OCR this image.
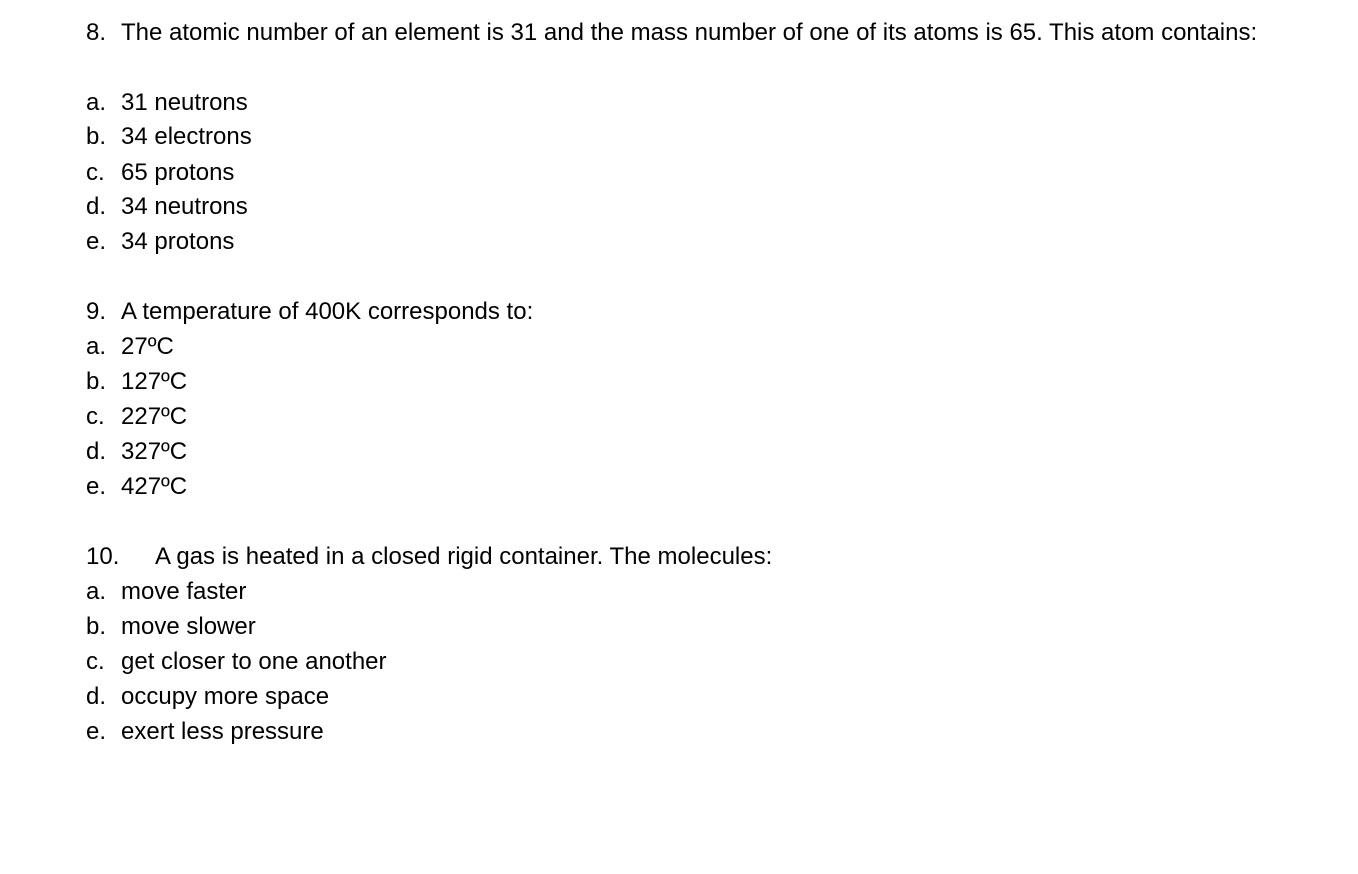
8. The atomic number of an element is 31 and the mass number of one of its atoms is 65. This atom contains:
a. 31 neutrons
b. 34 electrons
c. 65 protons
d. 34 neutrons
e. 34 protons
9. A temperature of 400K corresponds to:
a. 27ºC
b. 127ºC
c. 227ºC
d. 327ºC
e. 427ºC
10. A gas is heated in a closed rigid container. The molecules:
a. move faster
b. move slower
c. get closer to one another
d. occupy more space
e. exert less pressure
